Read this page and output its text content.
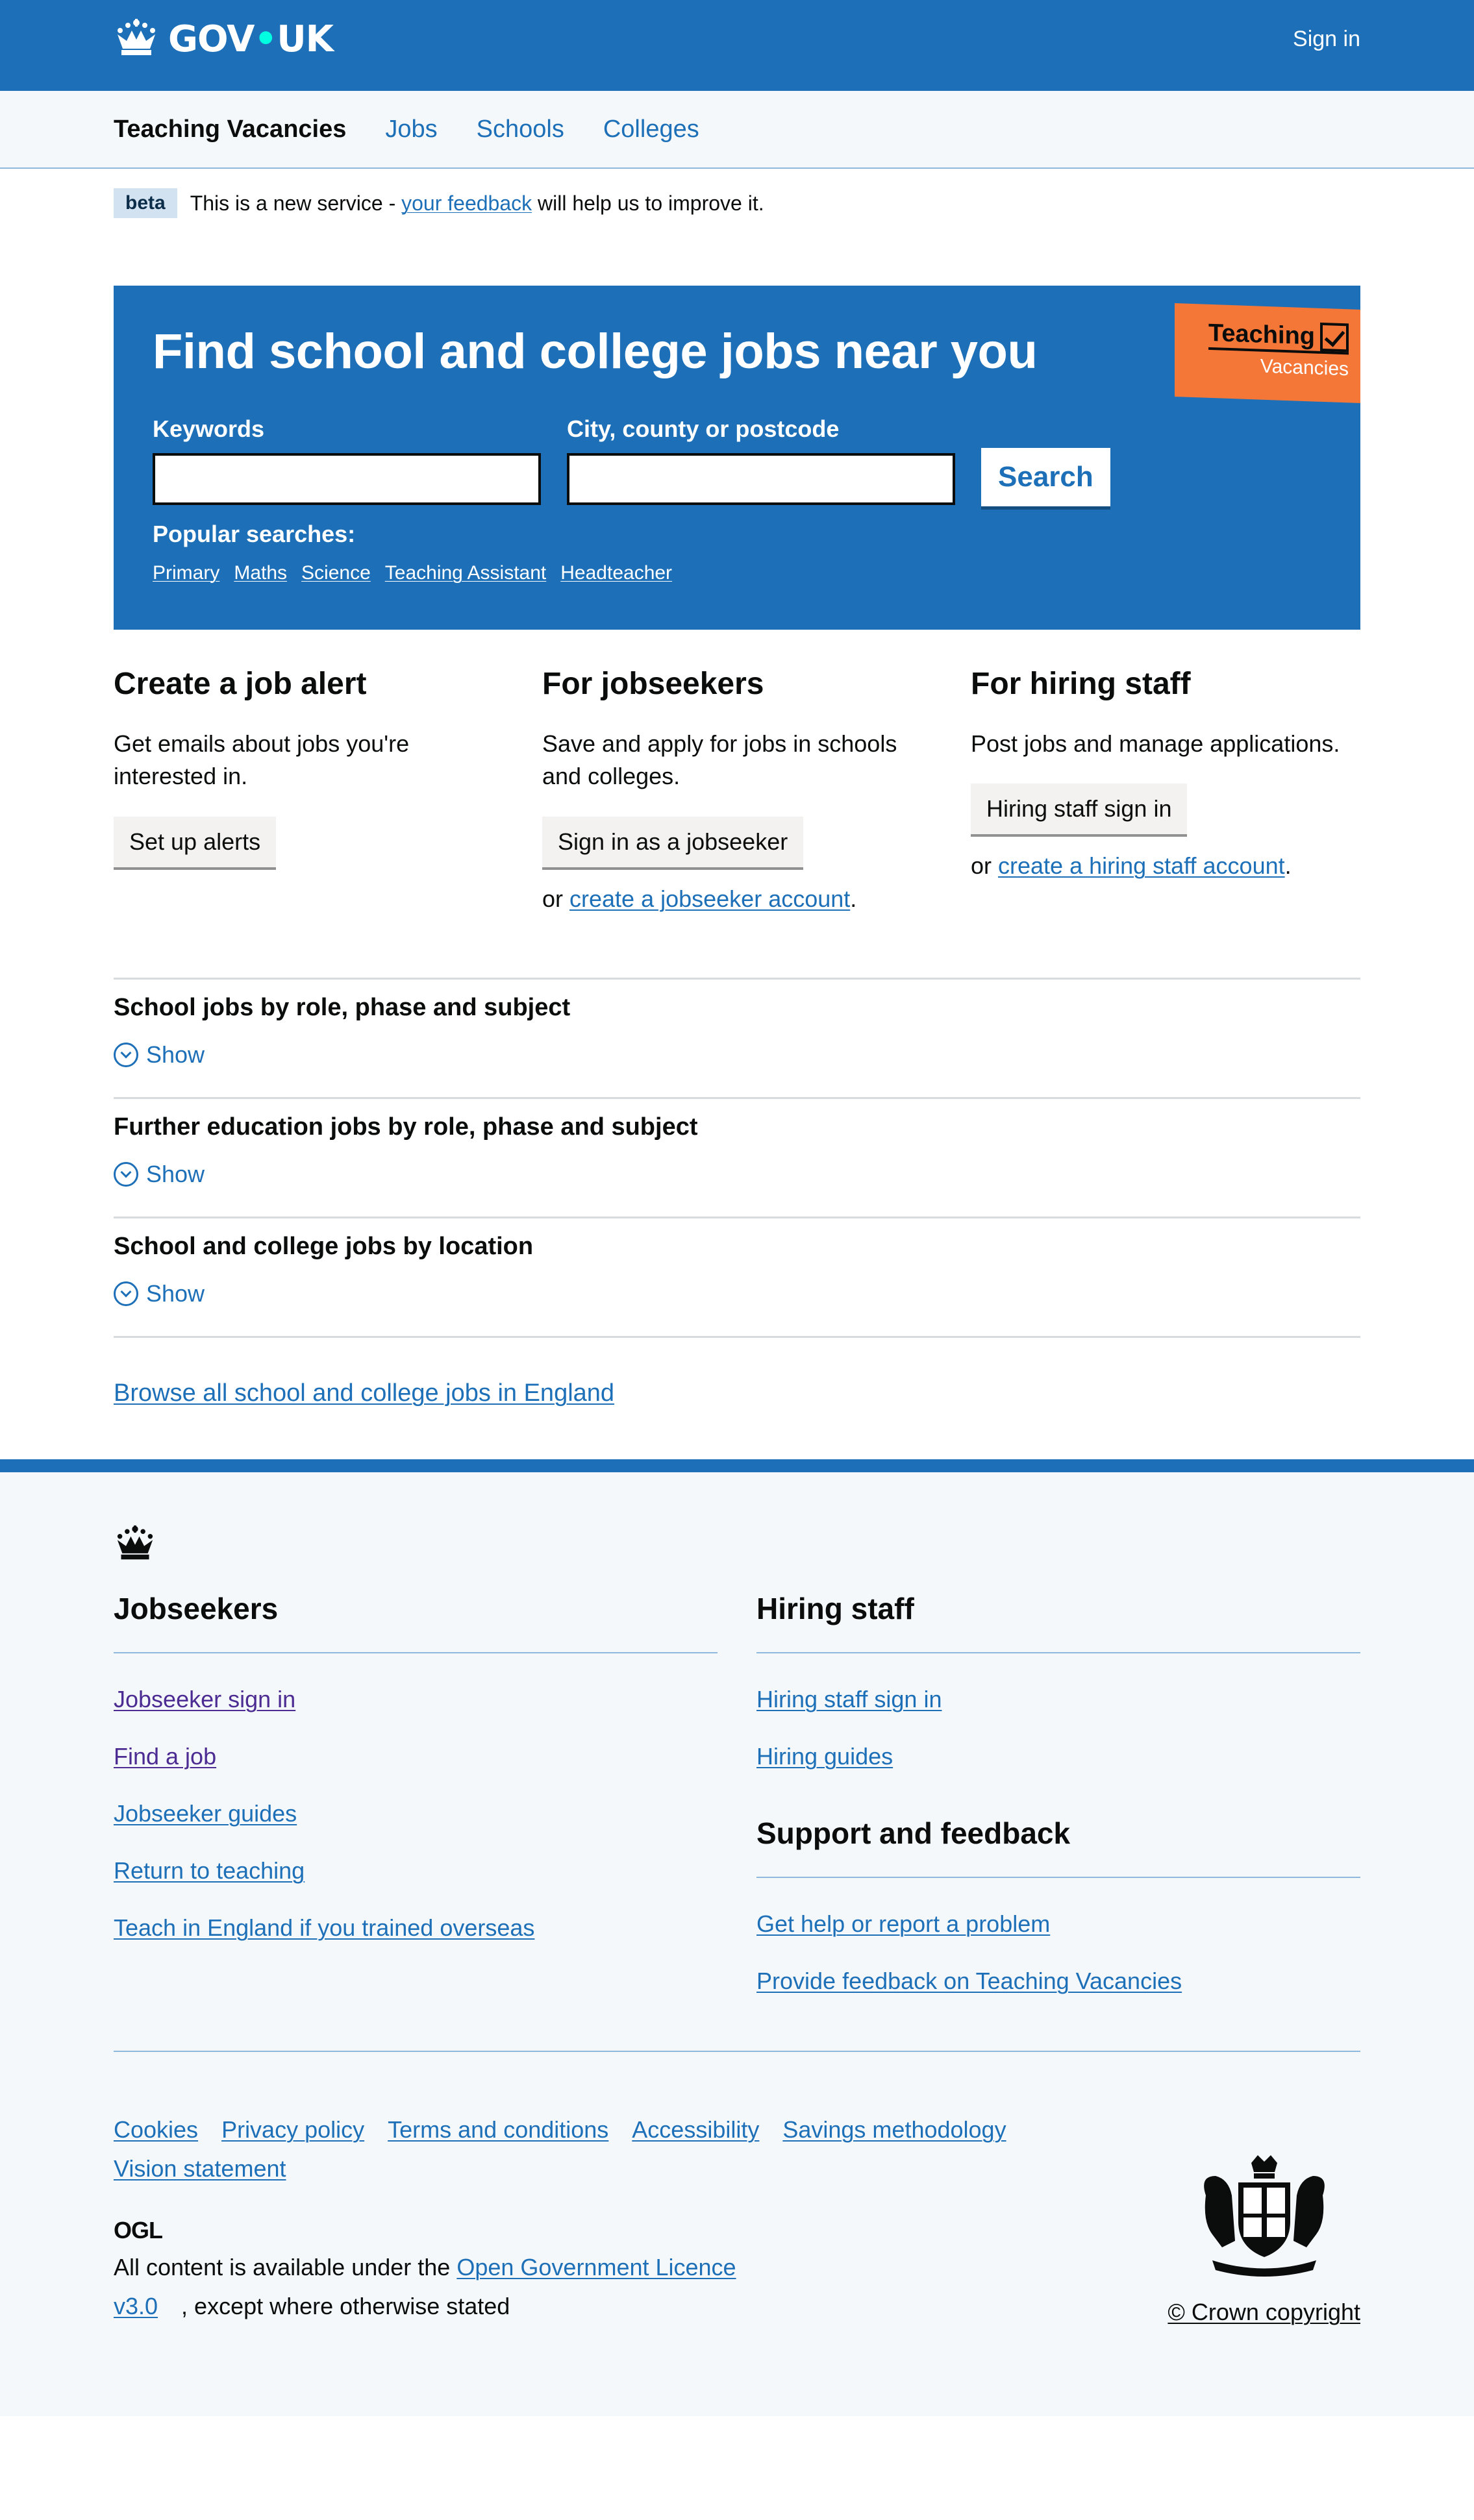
GOV•UK	Sign in
Teaching Vacancies Jobs Schools Colleges
beta	This is a new service - your feedback will help us to improve it.
Find school and college jobs near you
Keywords	City, county or postcode
Search
Popular searches:
Primary Maths Science Teaching Assistant Headteacher
Teaching
Vacancies
Create a job alert

Get emails about jobs you're interested in.

Set up alerts
For jobseekers

Save and apply for jobs in schools and colleges.

Sign in as a jobseeker
or create a jobseeker account.
For hiring staff

Post jobs and manage applications.

Hiring staff sign in
or create a hiring staff account.
School jobs by role, phase and subject
Show
Further education jobs by role, phase and subject
Show
School and college jobs by location
Show
Browse all school and college jobs in England
Jobseekers
Jobseeker sign in
Find a job
Jobseeker guides
Return to teaching
Teach in England if you trained overseas
Hiring staff
Hiring staff sign in
Hiring guides
Support and feedback
Get help or report a problem
Provide feedback on Teaching Vacancies
Cookies Privacy policy Terms and conditions Accessibility Savings methodology
Vision statement
OGL
All content is available under the Open Government Licence v3.0 , except where otherwise stated	© Crown copyright
